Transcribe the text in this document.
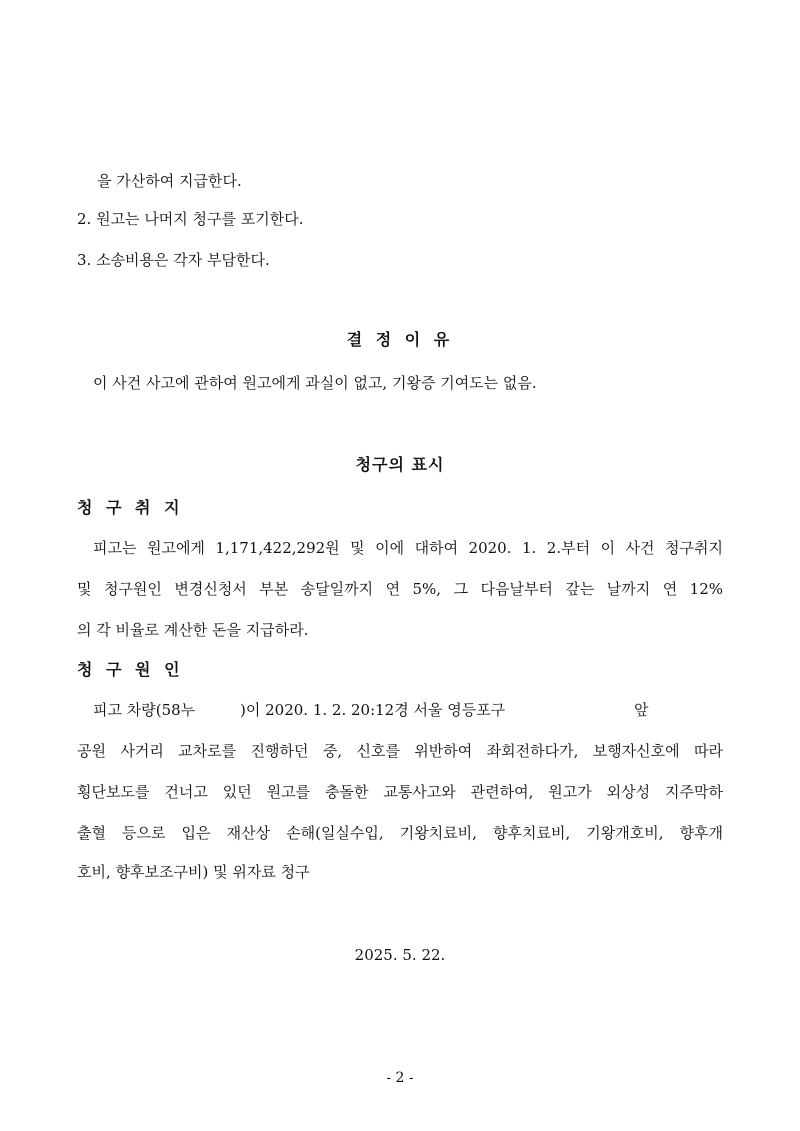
을 가산하여 지급한다.
2. 원고는 나머지 청구를 포기한다.
3. 소송비용은 각자 부담한다.
결 정 이 유
이 사건 사고에 관하여 원고에게 과실이 없고, 기왕증 기여도는 없음.
청구의 표시
청 구 취 지
피고는 원고에게 1,171,422,292원 및 이에 대하여 2020. 1. 2.부터 이 사건 청구취지
및 청구원인 변경신청서 부본 송달일까지 연 5%, 그 다음날부터 갚는 날까지 연 12%
의 각 비율로 계산한 돈을 지급하라.
청 구 원 인
피고 차량(58누	)이 2020. 1. 2. 20:12경 서울 영등포구	앞
공원 사거리 교차로를 진행하던 중, 신호를 위반하여 좌회전하다가, 보행자신호에 따라
횡단보도를 건너고 있던 원고를 충돌한 교통사고와 관련하여, 원고가 외상성 지주막하
출혈 등으로 입은 재산상 손해(일실수입, 기왕치료비, 향후치료비, 기왕개호비, 향후개
호비, 향후보조구비) 및 위자료 청구
2025. 5. 22.
- 2 -
